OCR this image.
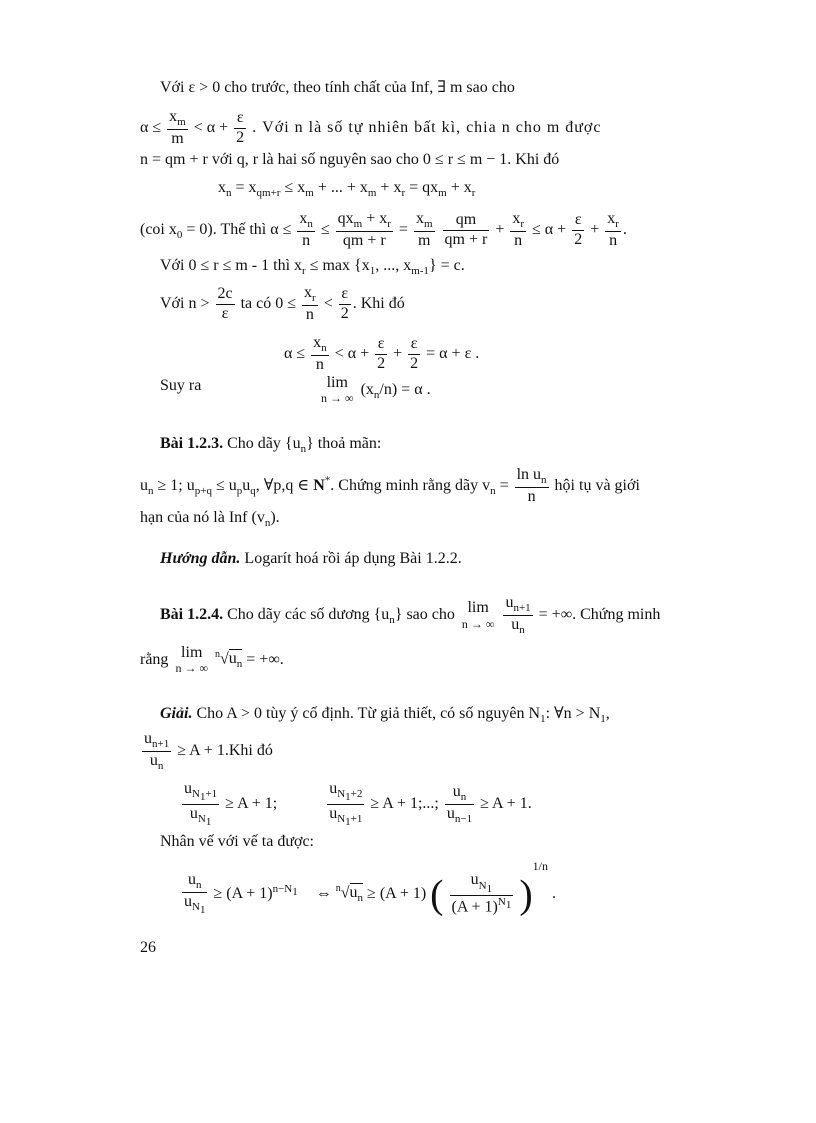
Với ε > 0 cho trước, theo tính chất của Inf, ∃ m sao cho
$\alpha \le \frac{x_m}{m} < \alpha + \frac{\varepsilon}{2}$ . Với n là số tự nhiên bất kì, chia n cho m được
n = qm + r với q, r là hai số nguyên sao cho 0 ≤ r ≤ m − 1. Khi đó
$x_n = x_{qm+r} \le x_m$ + ... + $x_m + x_r = qx_m + x_r$
(coi $x_0 = 0$). Thế thì $\alpha \le \frac{x_n}{n}$ ≤
$qx_m + x_r$
qm + r
= $\frac{x_m}{m}$
$\frac{qm}{qm + r} + \frac{x_r}{n} \le \alpha + \frac{\varepsilon}{2} + \frac{x_r}{n}$ .
Với 0 ≤ r ≤ m - 1 thì $x_r \le \max \{x_1$, ..., $x_{m-1}\} = c$.
Với $n > \frac{2c}{\varepsilon}$ ta có $0 \le \frac{x_r}{n} < \frac{\varepsilon}{2}$ . Khi đó
$\alpha \le \frac{x_n}{n} < \alpha + \frac{\varepsilon}{2} + \frac{\varepsilon}{2} = \alpha + \varepsilon$ .
Suy ra	lim
n → ∞
$(x_n/n) = \alpha$ .
Bài 1.2.3. Cho dãy $\{u_n\}$ thoả mãn:
$u_n \ge 1$; $u_{p+q} \le u_pu_q$, ∀p,q ∈ N*. Chứng minh rằng dãy $v_n = \frac{\ln u_n}{n}$ hội tụ và giới
hạn của nó là Inf $(v_n)$.
Hướng dẫn. Logarít hoá rồi áp dụng Bài 1.2.2.
Bài 1.2.4. Cho dãy các số dương $\{u_n\}$ sao cho lim
n → ∞
$\frac{u_{n+1}}{u_n}$ = +∞. Chứng minh
rằng lim
n → ∞
$^n√u_n$ = +∞.
Giải. Cho A > 0 tùy ý cố định. Từ giả thiết, có số nguyên $N_1$: ∀n > $N_1$,
$\frac{u_{n+1}}{u_n} \ge A + 1.Khi$ đó
$\frac{u_{N_1+1}}{u_{N_1}} \ge A + 1$;	$\frac{u_{N_1+2}}{u_{N_1+1}} \ge A + 1$;...; $\frac{u_n}{u_{n-1}} \ge A + 1$.
Nhân vế với vế ta được:
$\frac{u_n}{u_{N_1}} \ge (A + 1)^{n-N_1}$ ⇔ $^n√u_n \ge (A + 1)$ ( $\frac{u_{N_1}}{(A + 1)^{N_1}} )^{1/n}$ .
26
